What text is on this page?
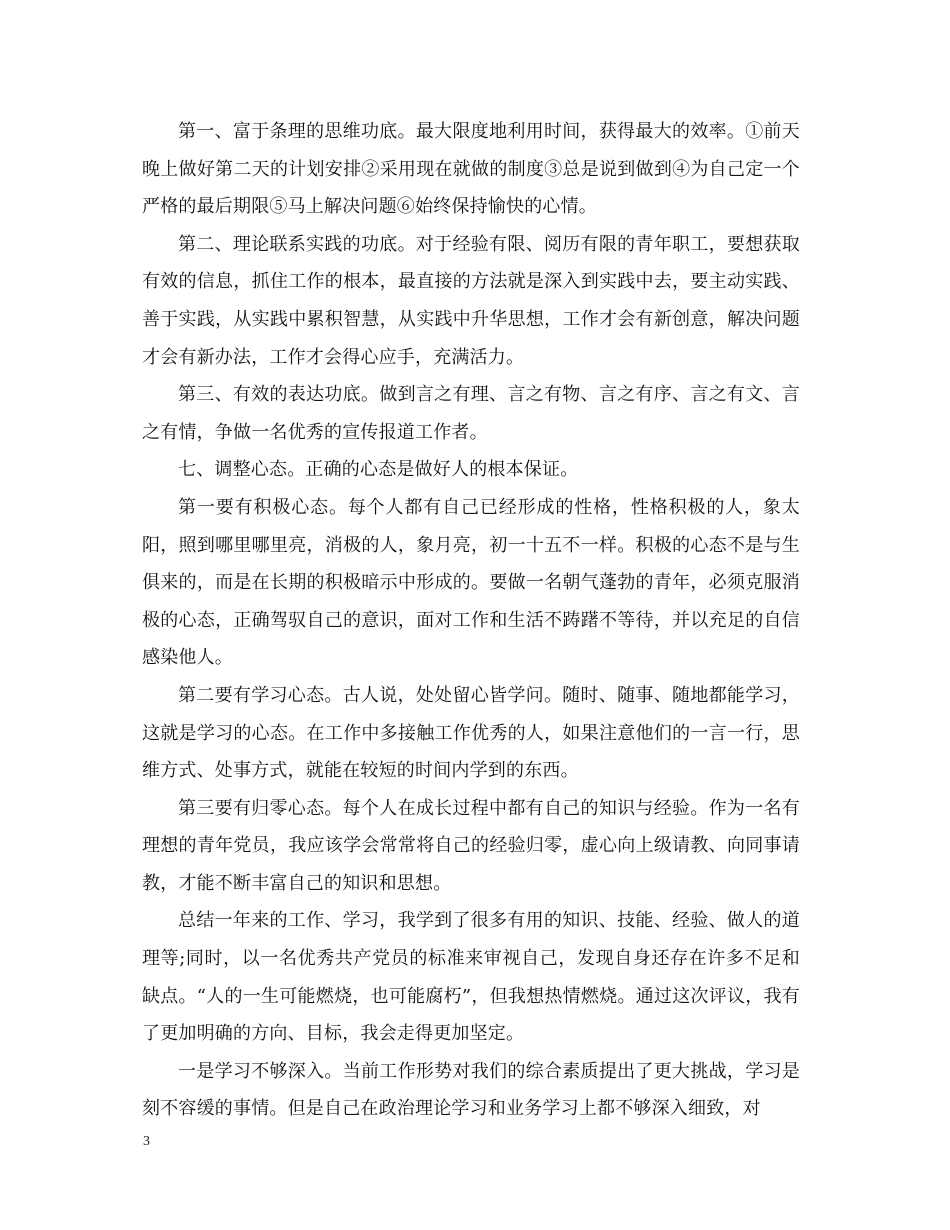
第一、富于条理的思维功底。最大限度地利用时间，获得最大的效率。①前天晚上做好第二天的计划安排②采用现在就做的制度③总是说到做到④为自己定一个严格的最后期限⑤马上解决问题⑥始终保持愉快的心情。

第二、理论联系实践的功底。对于经验有限、阅历有限的青年职工，要想获取有效的信息，抓住工作的根本，最直接的方法就是深入到实践中去，要主动实践、善于实践，从实践中累积智慧，从实践中升华思想，工作才会有新创意，解决问题才会有新办法，工作才会得心应手，充满活力。

第三、有效的表达功底。做到言之有理、言之有物、言之有序、言之有文、言之有情，争做一名优秀的宣传报道工作者。

七、调整心态。正确的心态是做好人的根本保证。

第一要有积极心态。每个人都有自己已经形成的性格，性格积极的人，象太阳，照到哪里哪里亮，消极的人，象月亮，初一十五不一样。积极的心态不是与生俱来的，而是在长期的积极暗示中形成的。要做一名朝气蓬勃的青年，必须克服消极的心态，正确驾驭自己的意识，面对工作和生活不踌躇不等待，并以充足的自信感染他人。

第二要有学习心态。古人说，处处留心皆学问。随时、随事、随地都能学习，这就是学习的心态。在工作中多接触工作优秀的人，如果注意他们的一言一行，思维方式、处事方式，就能在较短的时间内学到的东西。

第三要有归零心态。每个人在成长过程中都有自己的知识与经验。作为一名有理想的青年党员，我应该学会常常将自己的经验归零，虚心向上级请教、向同事请教，才能不断丰富自己的知识和思想。

总结一年来的工作、学习，我学到了很多有用的知识、技能、经验、做人的道理等;同时，以一名优秀共产党员的标准来审视自己，发现自身还存在许多不足和缺点。“人的一生可能燃烧，也可能腐朽”，但我想热情燃烧。通过这次评议，我有了更加明确的方向、目标，我会走得更加坚定。

一是学习不够深入。当前工作形势对我们的综合素质提出了更大挑战，学习是刻不容缓的事情。但是自己在政治理论学习和业务学习上都不够深入细致，对

3
